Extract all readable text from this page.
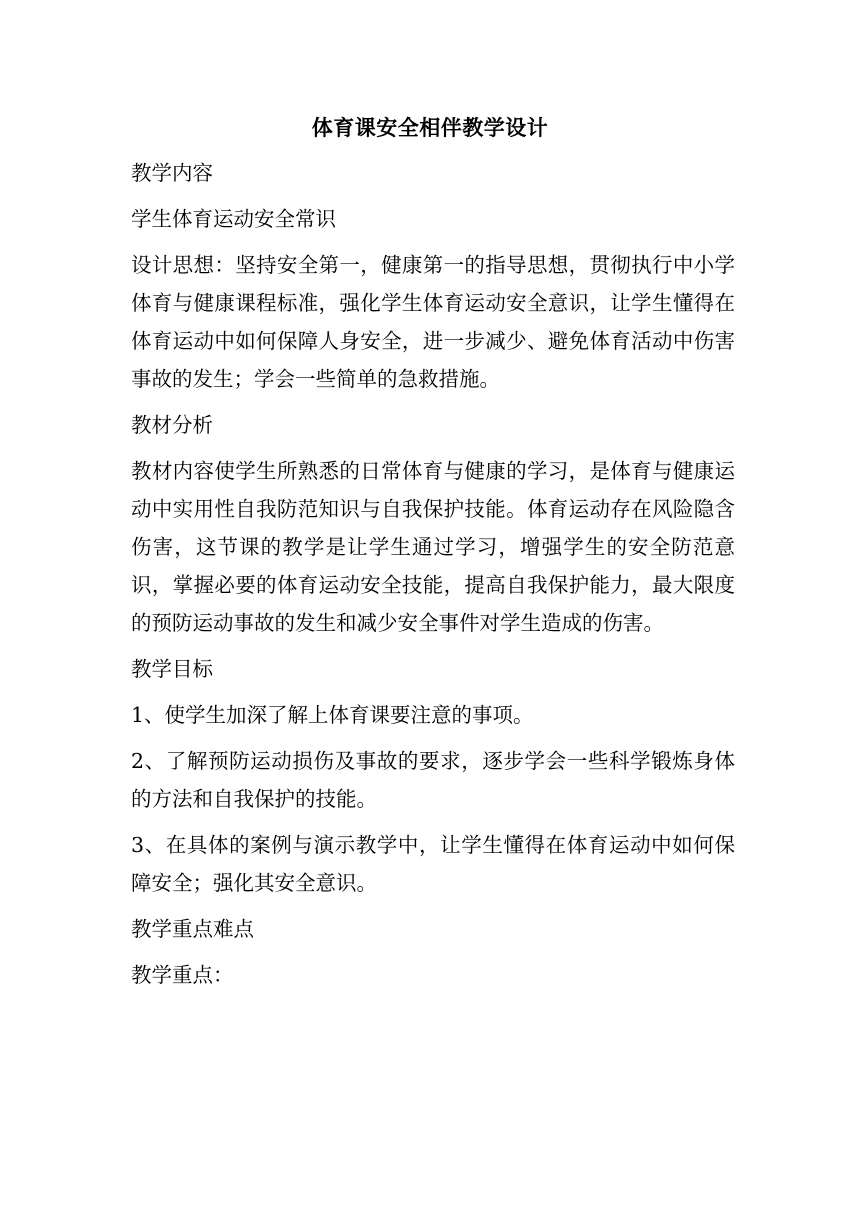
体育课安全相伴教学设计

教学内容

学生体育运动安全常识

设计思想：坚持安全第一，健康第一的指导思想，贯彻执行中小学体育与健康课程标准，强化学生体育运动安全意识，让学生懂得在体育运动中如何保障人身安全，进一步减少、避免体育活动中伤害事故的发生；学会一些简单的急救措施。

教材分析

教材内容使学生所熟悉的日常体育与健康的学习，是体育与健康运动中实用性自我防范知识与自我保护技能。体育运动存在风险隐含伤害，这节课的教学是让学生通过学习，增强学生的安全防范意识，掌握必要的体育运动安全技能，提高自我保护能力，最大限度的预防运动事故的发生和减少安全事件对学生造成的伤害。

教学目标

1、使学生加深了解上体育课要注意的事项。

2、了解预防运动损伤及事故的要求，逐步学会一些科学锻炼身体 的方法和自我保护的技能。

3、在具体的案例与演示教学中，让学生懂得在体育运动中如何保 障安全；强化其安全意识。

教学重点难点

教学重点：
